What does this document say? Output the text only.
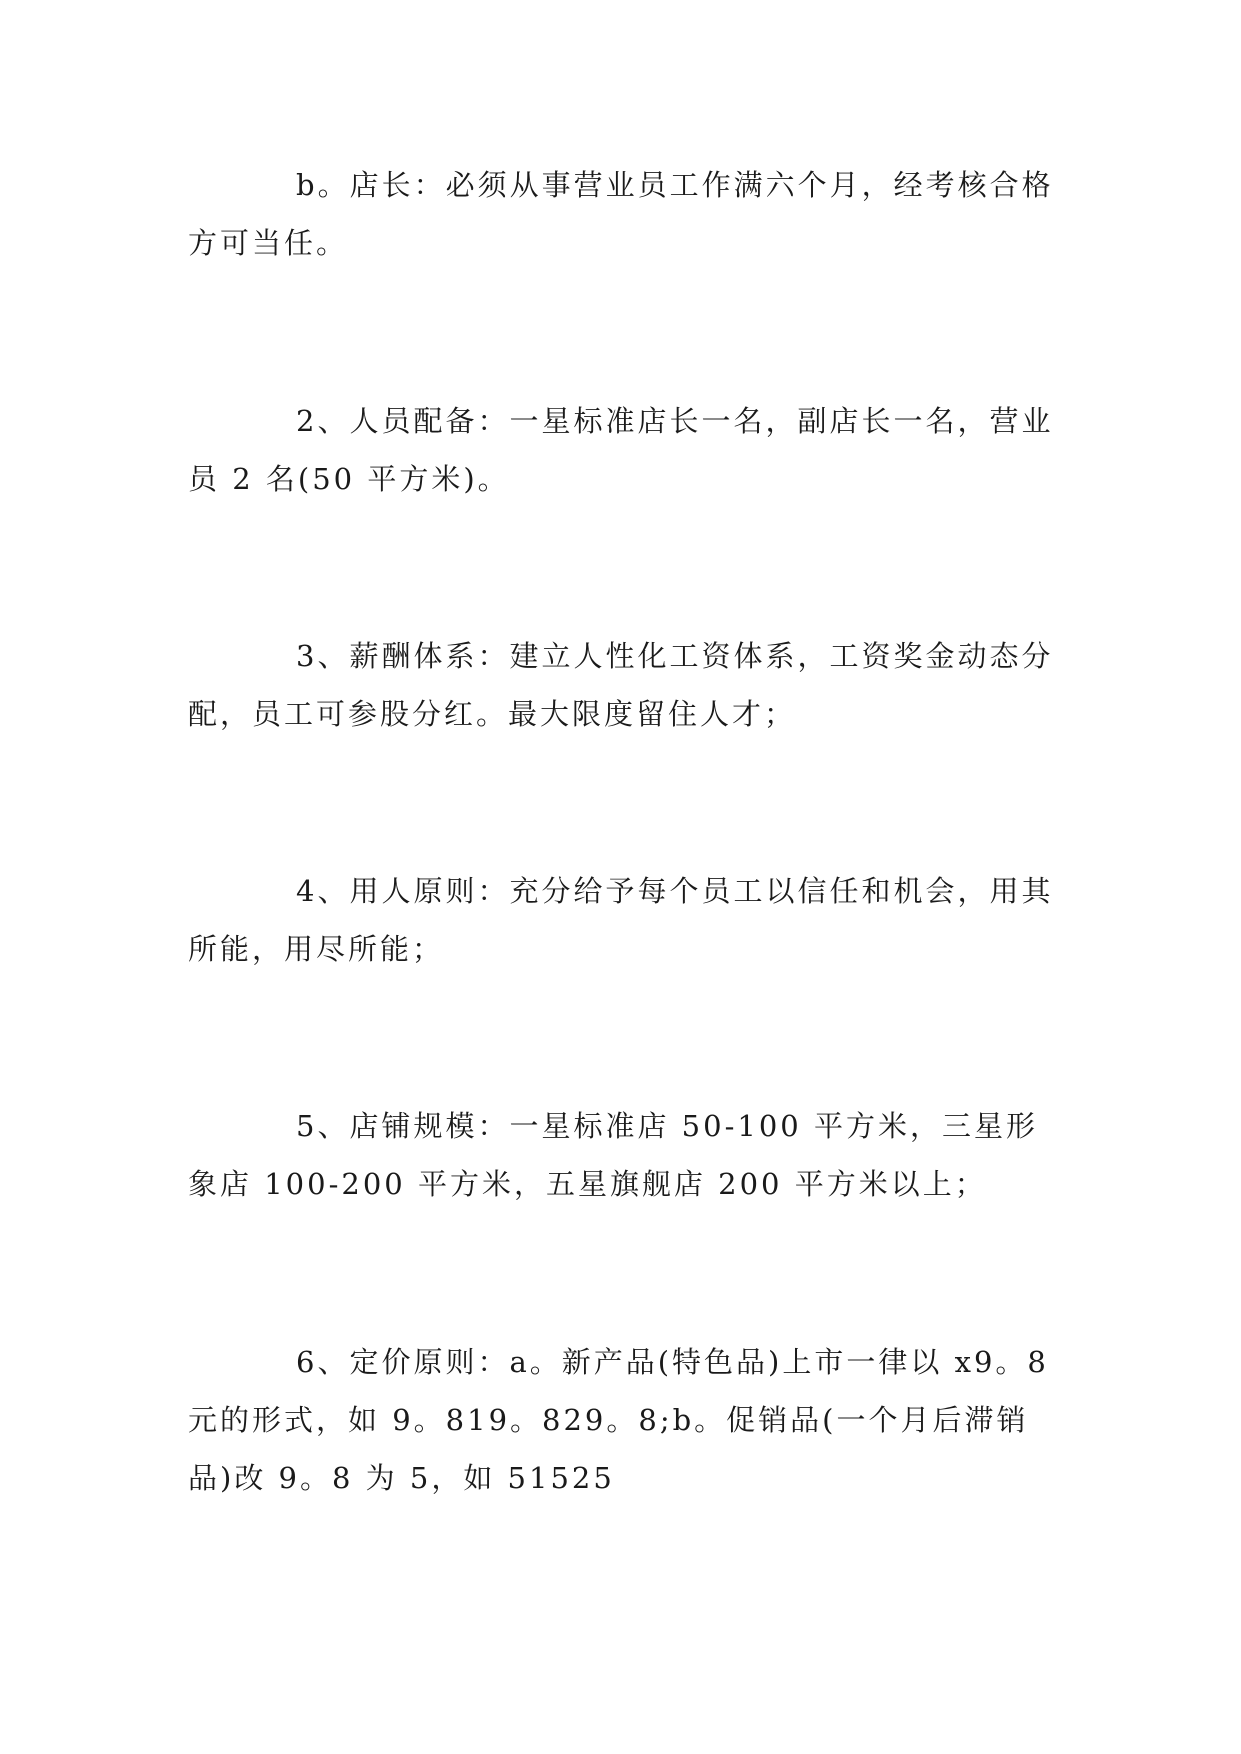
b。店长：必须从事营业员工作满六个月，经考核合格方可当任。

2、人员配备：一星标准店长一名，副店长一名，营业员 2 名(50 平方米)。

3、薪酬体系：建立人性化工资体系，工资奖金动态分配，员工可参股分红。最大限度留住人才；

4、用人原则：充分给予每个员工以信任和机会，用其所能，用尽所能；

5、店铺规模：一星标准店 50-100 平方米，三星形象店 100-200 平方米，五星旗舰店 200 平方米以上；

6、定价原则：a。新产品(特色品)上市一律以 x9。8 元的形式，如 9。819。829。8;b。促销品(一个月后滞销品)改 9。8 为 5，如 51525
